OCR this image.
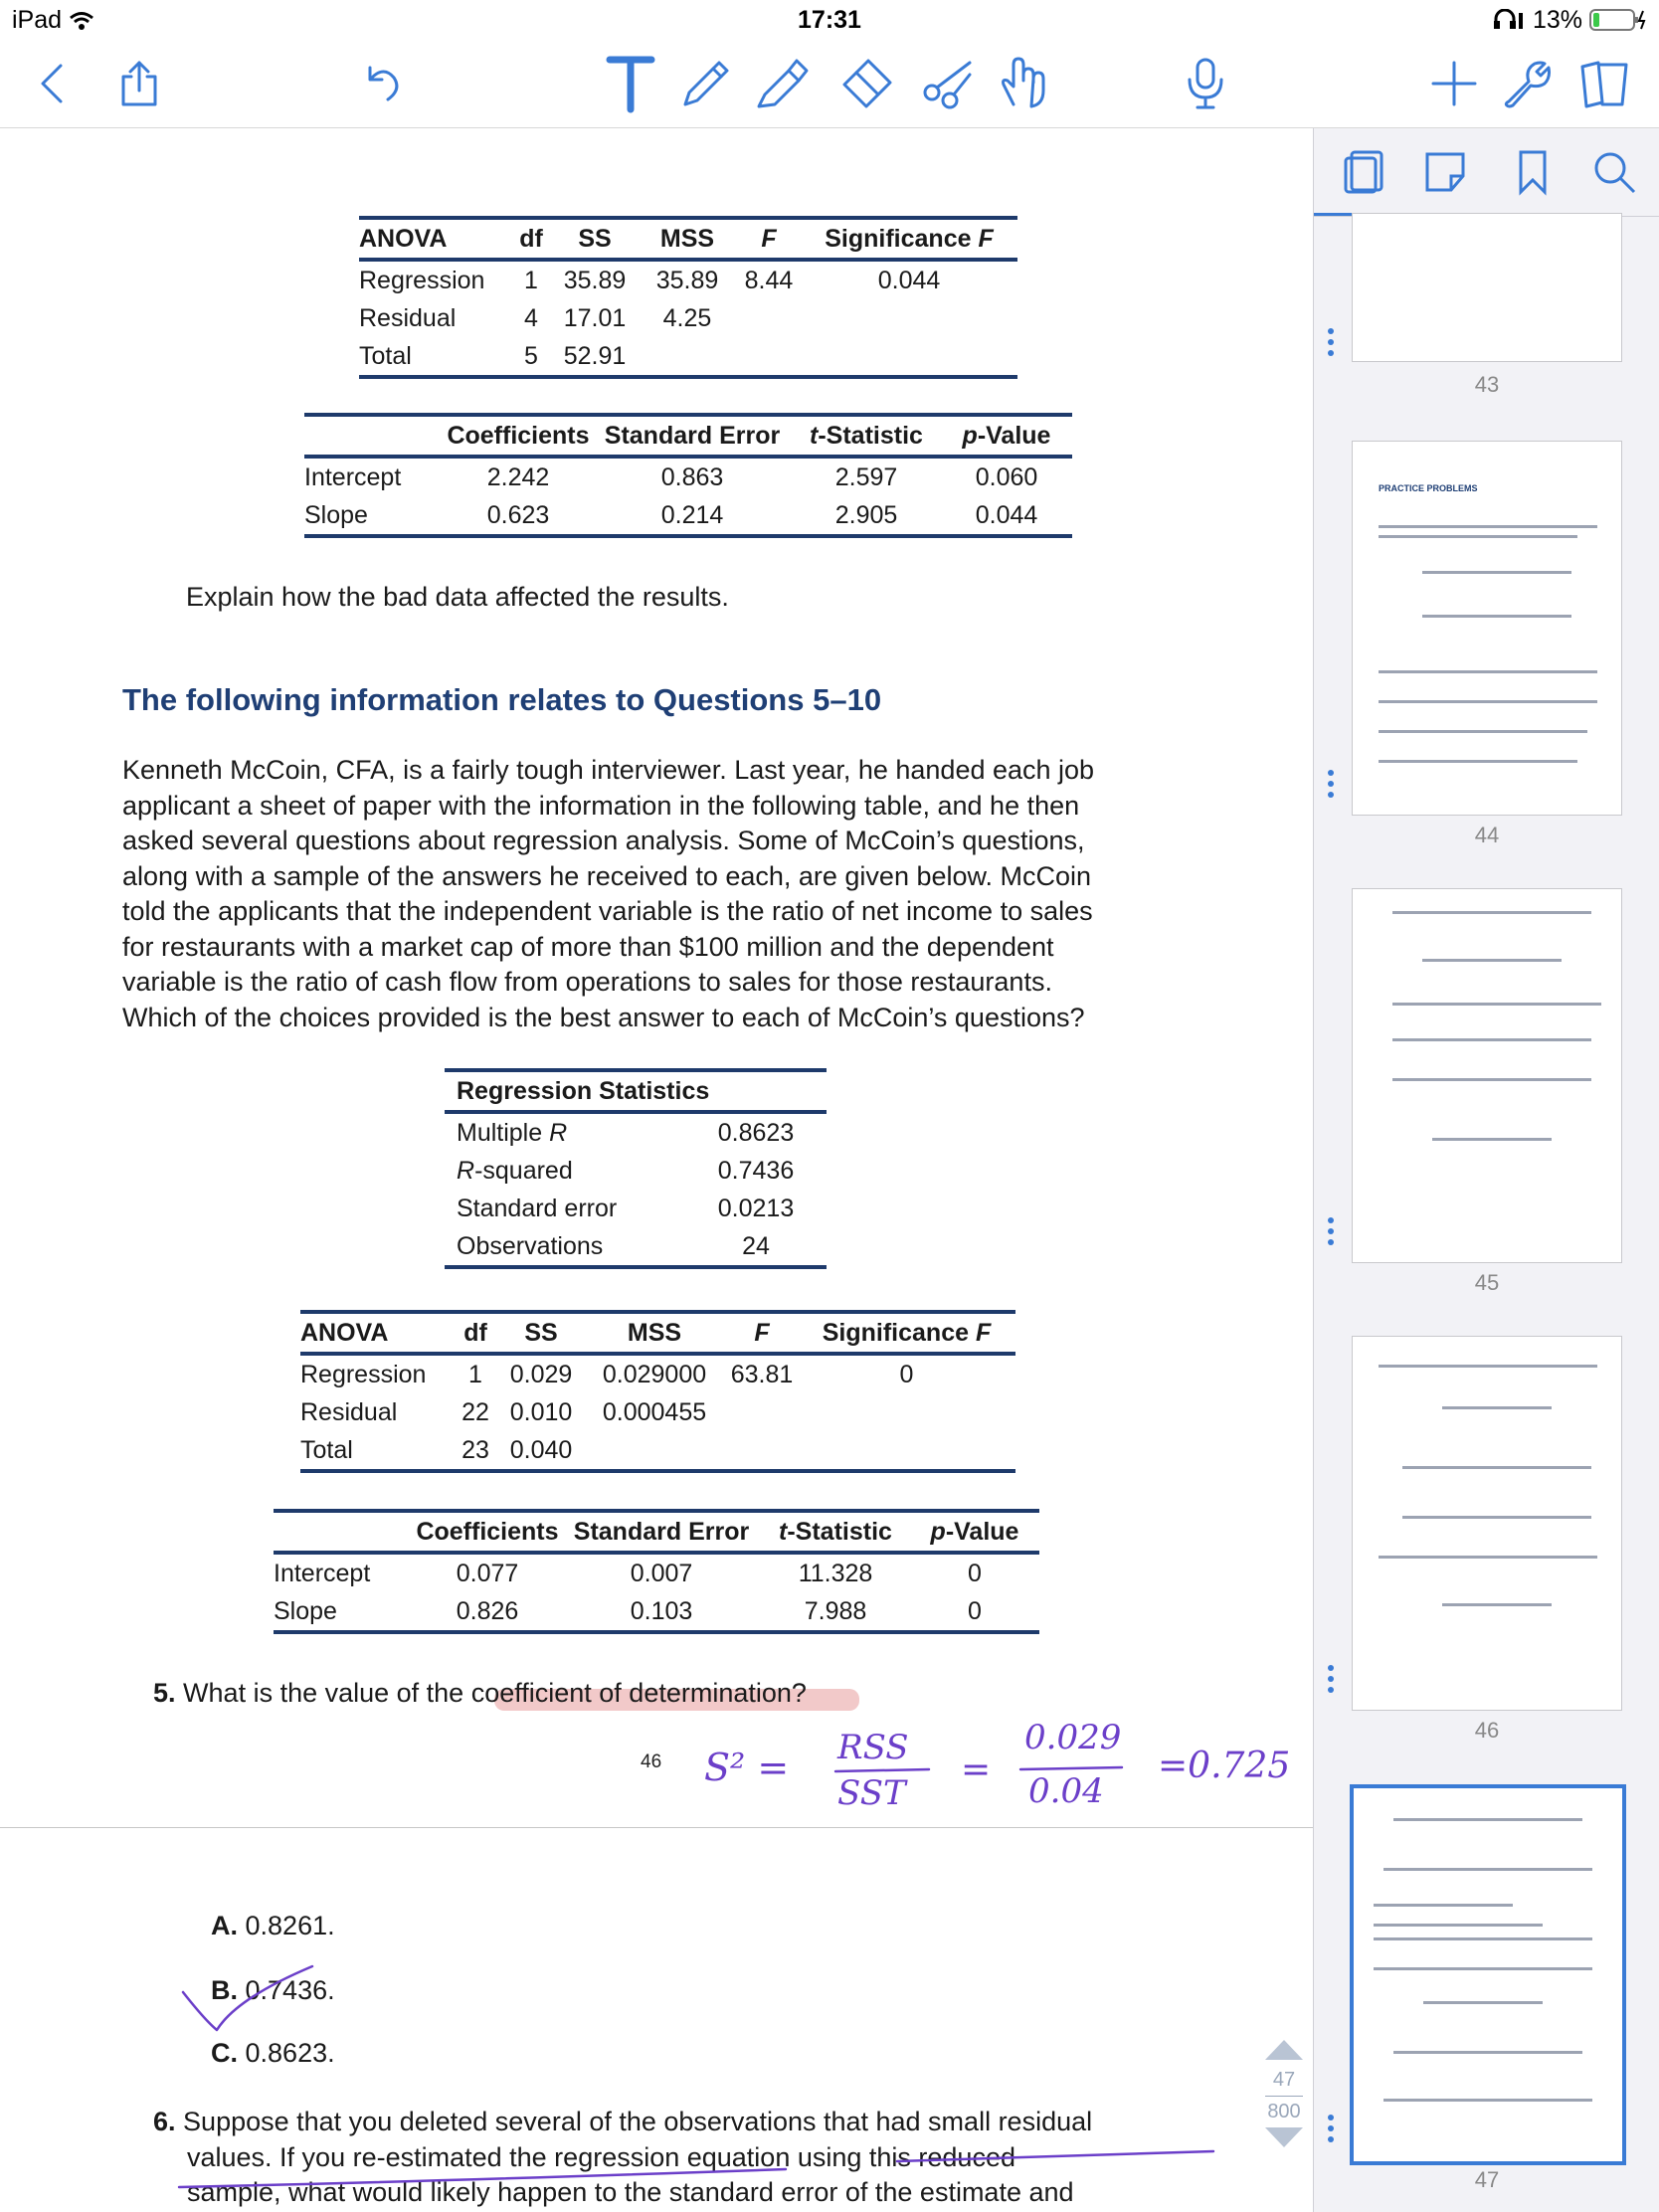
iPad	17:31	13%
ANOVA	df	SS	MSS	F	Significance F
Regression	1	35.89	35.89	8.44	0.044
Residual	4	17.01	4.25		
Total	5	52.91			
	Coefficients	Standard Error	t-Statistic	p-Value
Intercept	2.242	0.863	2.597	0.060
Slope	0.623	0.214	2.905	0.044
Explain how the bad data affected the results.
The following information relates to Questions 5–10
Kenneth McCoin, CFA, is a fairly tough interviewer. Last year, he handed each job
applicant a sheet of paper with the information in the following table, and he then
asked several questions about regression analysis. Some of McCoin’s questions,
along with a sample of the answers he received to each, are given below. McCoin
told the applicants that the independent variable is the ratio of net income to sales
for restaurants with a market cap of more than $100 million and the dependent
variable is the ratio of cash flow from operations to sales for those restaurants.
Which of the choices provided is the best answer to each of McCoin’s questions?
Regression Statistics	
Multiple R	0.8623
R-squared	0.7436
Standard error	0.0213
Observations	24
ANOVA	df	SS	MSS	F	Significance F
Regression	1	0.029	0.029000	63.81	0
Residual	22	0.010	0.000455		
Total	23	0.040			
	Coefficients	Standard Error	t-Statistic	p-Value
Intercept	0.077	0.007	11.328	0
Slope	0.826	0.103	7.988	0
5. What is the value of the coefficient of determination?
46 S² = RSS
SST
=
0.029
0.04
=0.725
A. 0.8261.
B. 0.7436.
C. 0.8623.
6. Suppose that you deleted several of the observations that had small residual
values. If you re-estimated the regression equation using this reduced
sample, what would likely happen to the standard error of the estimate and
47
800
43
PRACTICE PROBLEMS
44
45
46
47
